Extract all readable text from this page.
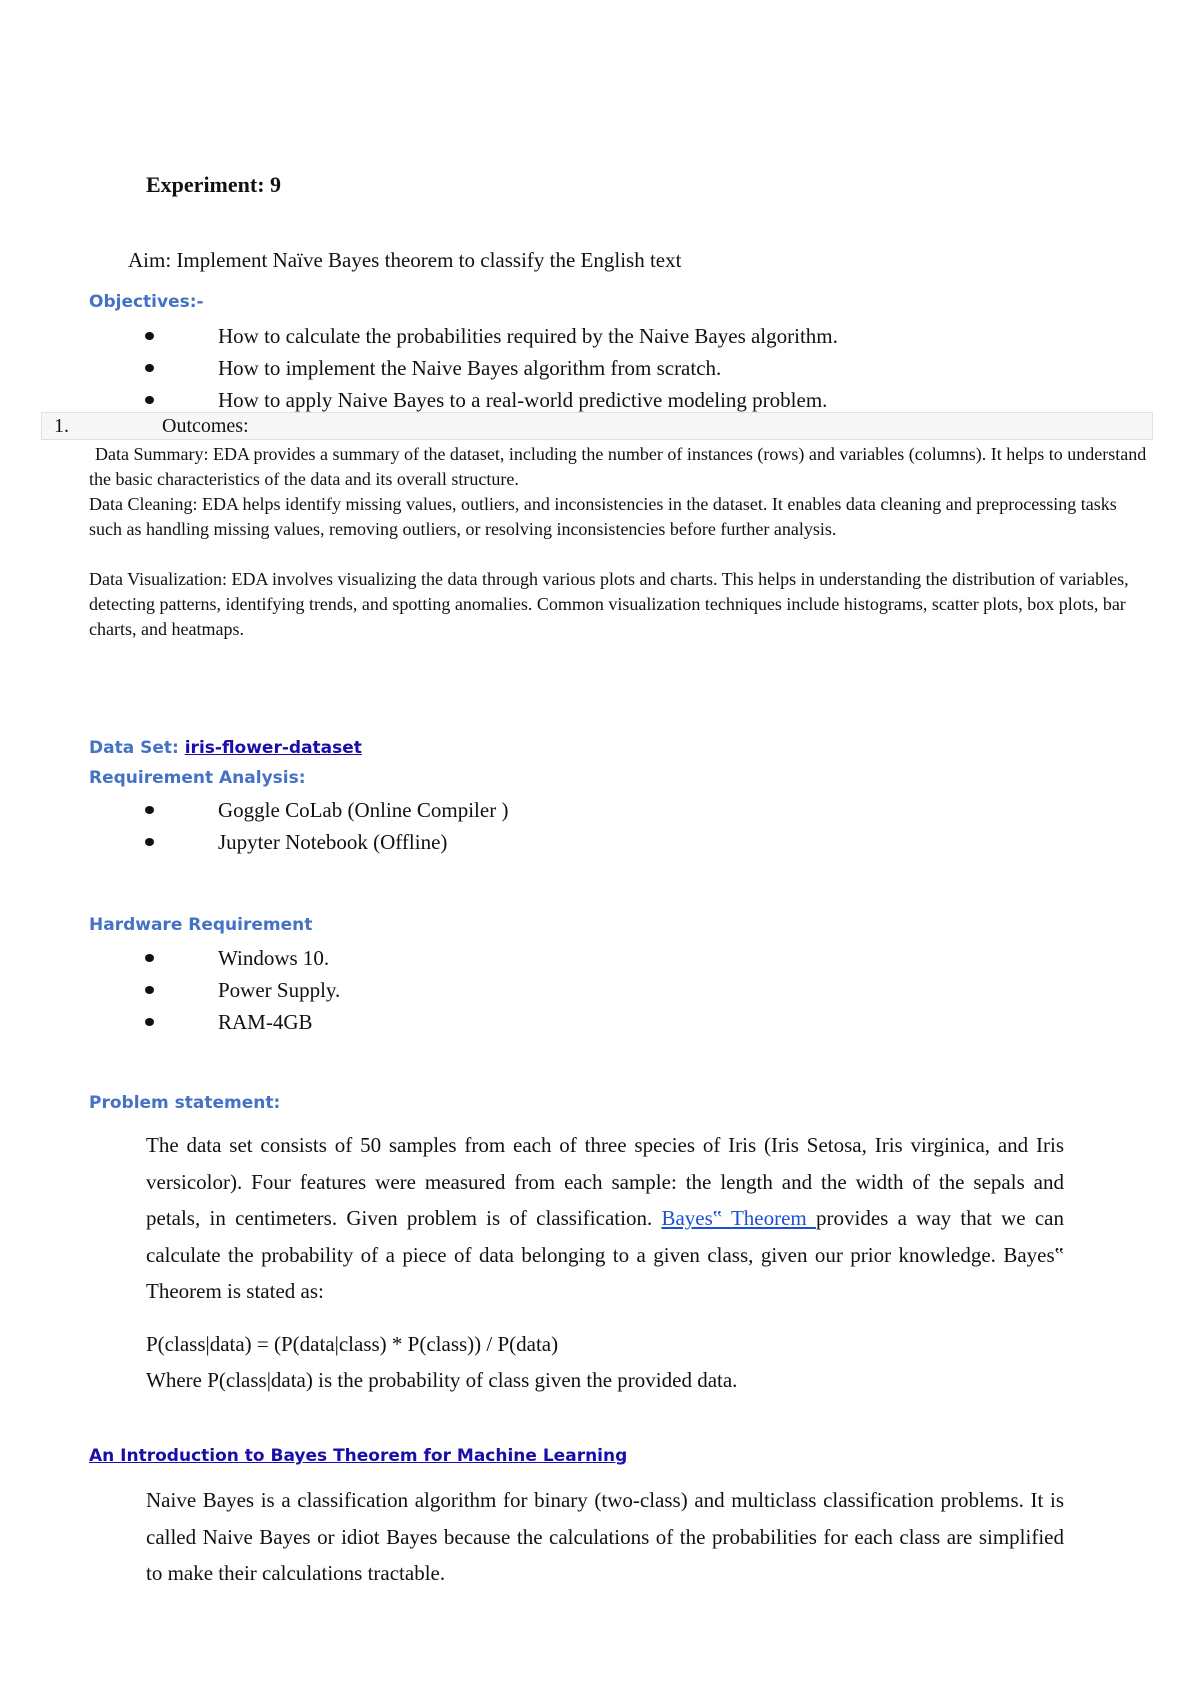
Experiment: 9
Aim: Implement Naïve Bayes theorem to classify the English text
Objectives:-
How to calculate the probabilities required by the Naive Bayes algorithm.
How to implement the Naive Bayes algorithm from scratch.
How to apply Naive Bayes to a real-world predictive modeling problem.
1.	Outcomes:

Data Summary: EDA provides a summary of the dataset, including the number of instances (rows) and variables (columns). It helps to understand the basic characteristics of the data and its overall structure.

Data Cleaning: EDA helps identify missing values, outliers, and inconsistencies in the dataset. It enables data cleaning and preprocessing tasks such as handling missing values, removing outliers, or resolving inconsistencies before further analysis.

Data Visualization: EDA involves visualizing the data through various plots and charts. This helps in understanding the distribution of variables, detecting patterns, identifying trends, and spotting anomalies. Common visualization techniques include histograms, scatter plots, box plots, bar charts, and heatmaps.

Data Set: iris-flower-dataset
Requirement Analysis:
Goggle CoLab (Online Compiler )
Jupyter Notebook (Offline)
Hardware Requirement
Windows 10.
Power Supply.
RAM-4GB
Problem statement:

The data set consists of 50 samples from each of three species of Iris (Iris Setosa, Iris virginica, and Iris versicolor). Four features were measured from each sample: the length and the width of the sepals and petals, in centimeters. Given problem is of classification. Bayes‟ Theorem provides a way that we can calculate the probability of a piece of data belonging to a given class, given our prior knowledge. Bayes‟ Theorem is stated as:

P(class|data) = (P(data|class) * P(class)) / P(data)
Where P(class|data) is the probability of class given the provided data.
An Introduction to Bayes Theorem for Machine Learning

Naive Bayes is a classification algorithm for binary (two-class) and multiclass classification problems. It is called Naive Bayes or idiot Bayes because the calculations of the probabilities for each class are simplified to make their calculations tractable.
